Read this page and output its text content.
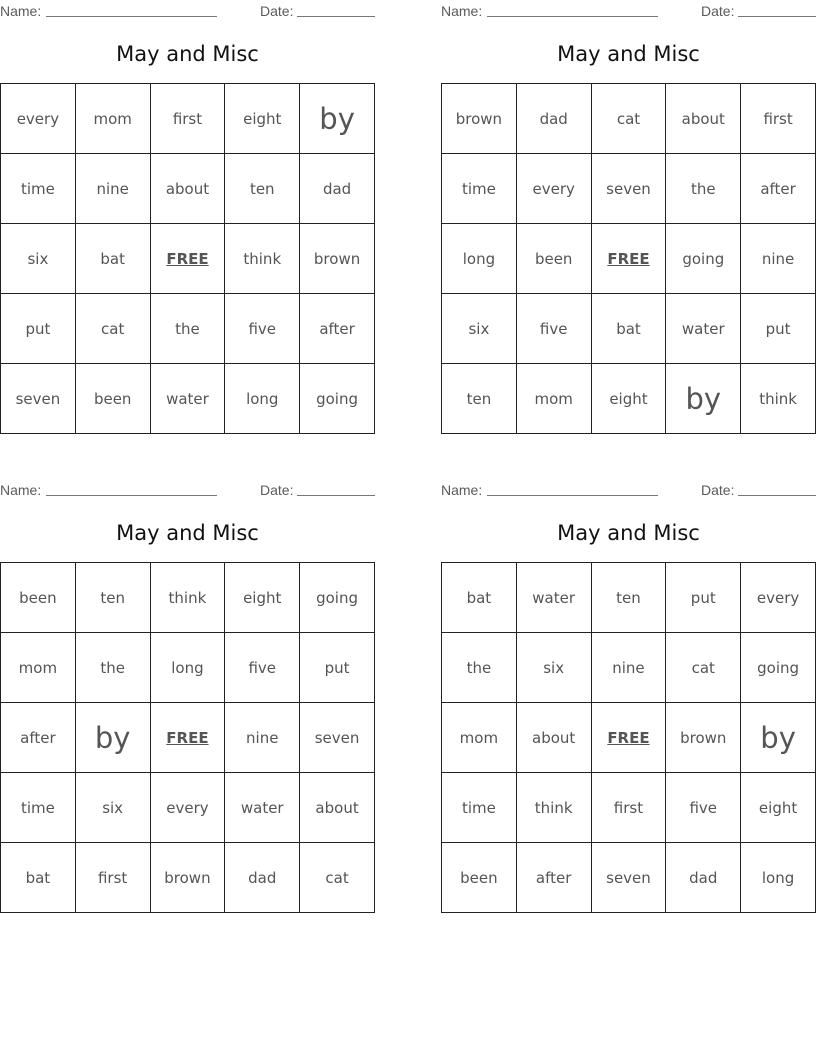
Name:	Date:
May and Misc
every	mom	first	eight	by
time	nine	about	ten	dad
six	bat	FREE	think	brown
put	cat	the	five	after
seven	been	water	long	going
Name:	Date:
May and Misc
brown	dad	cat	about	first
time	every	seven	the	after
long	been	FREE	going	nine
six	five	bat	water	put
ten	mom	eight	by	think
Name:	Date:
May and Misc
been	ten	think	eight	going
mom	the	long	five	put
after	by	FREE	nine	seven
time	six	every	water	about
bat	first	brown	dad	cat
Name:	Date:
May and Misc
bat	water	ten	put	every
the	six	nine	cat	going
mom	about	FREE	brown	by
time	think	first	five	eight
been	after	seven	dad	long
